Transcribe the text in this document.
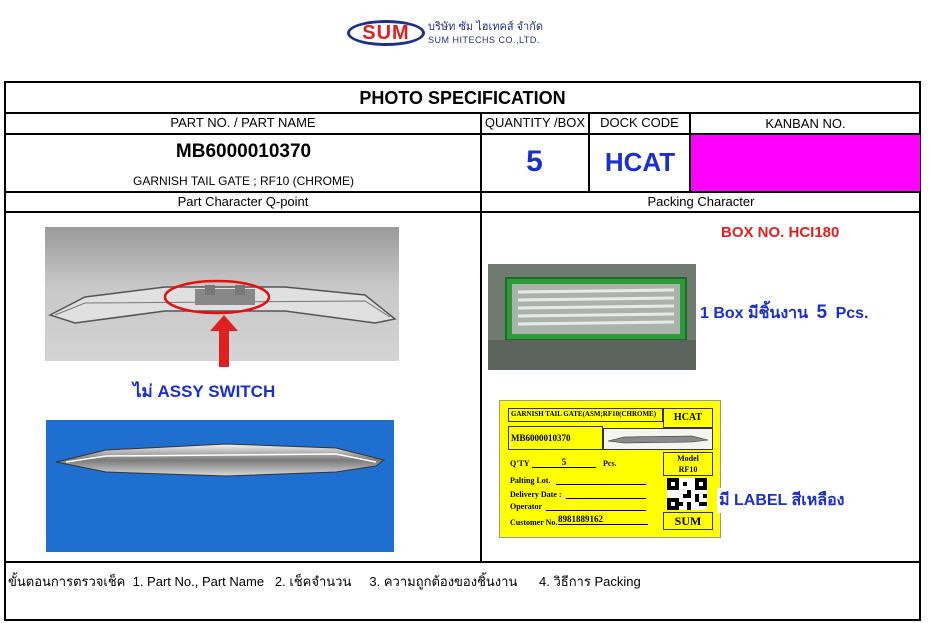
SUM บริษัท ซัม ไฮเทคส์ จำกัด
SUM HITECHS CO.,LTD.
PHOTO SPECIFICATION
PART NO. / PART NAME	QUANTITY /BOX	DOCK CODE	KANBAN NO.
MB6000010370
GARNISH TAIL GATE ; RF10 (CHROME)
5	HCAT
Part Character Q-point	Packing Character
ไม่ ASSY SWITCH
BOX NO. HCI180
1 Box มีชิ้นงาน 5 Pcs.
GARNISH TAIL GATE(ASM;RF10(CHROME)	HCAT
MB6000010370
Q'TY	5	Pcs.
Model
RF10
Palting Lot.
Delivery Date :
Operator
Customer No. 8981889162	SUM
มี LABEL สีเหลือง
ขั้นตอนการตรวจเช็ค  1. Part No., Part Name   2. เช็คจำนวน     3. ความถูกต้องของชิ้นงาน      4. วิธีการ Packing
